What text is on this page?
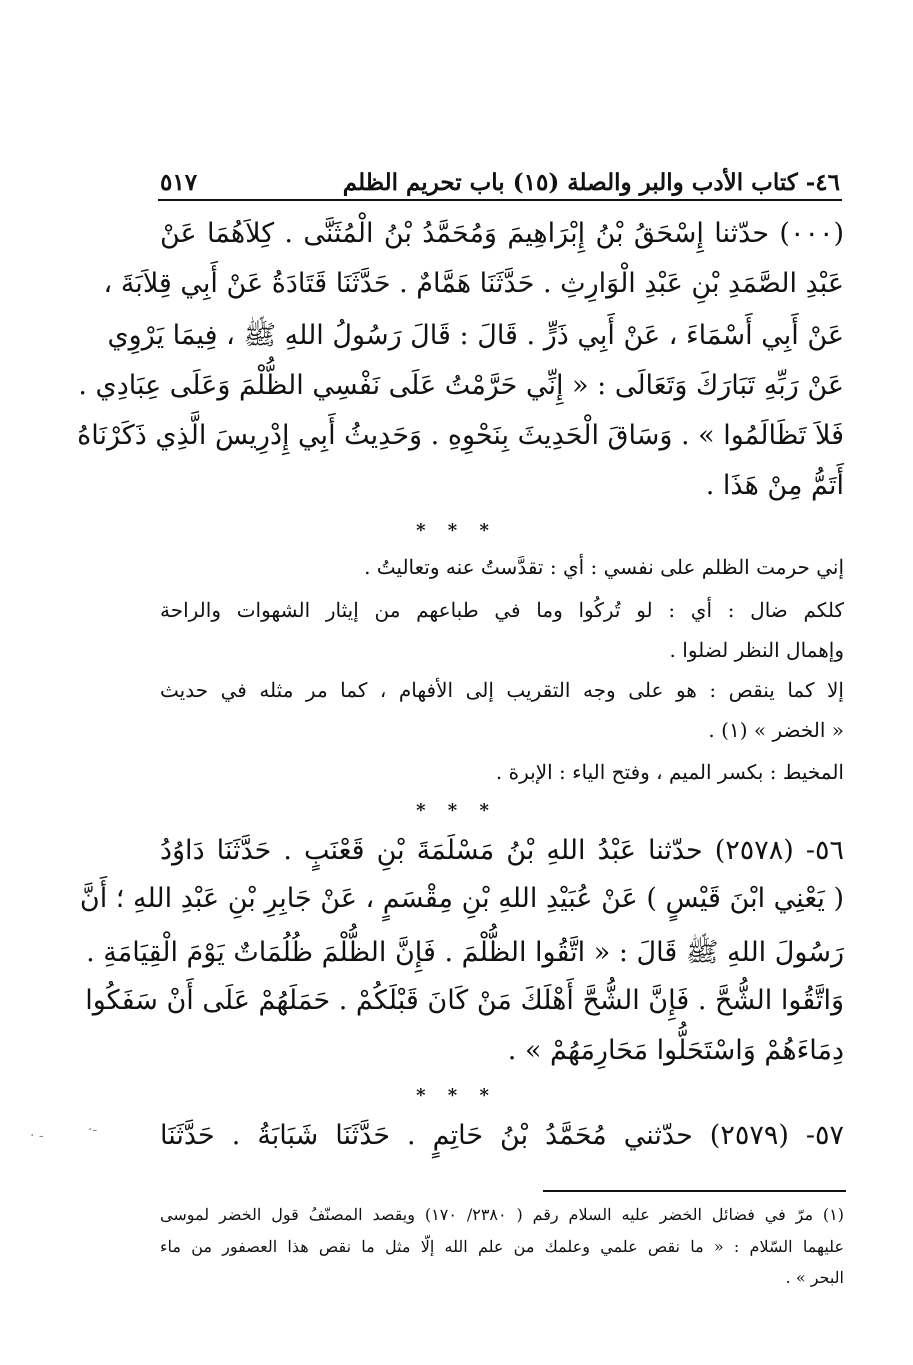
٤٦- كتاب الأدب والبر والصلة (١٥) باب تحريم الظلم
٥١٧
(٠٠٠) حدّثنا إِسْحَقُ بْنُ إِبْرَاهِيمَ وَمُحَمَّدُ بْنُ الْمُثَنَّى . كِلاَهُمَا عَنْ
عَبْدِ الصَّمَدِ بْنِ عَبْدِ الْوَارِثِ . حَدَّثَنَا هَمَّامٌ . حَدَّثَنَا قَتَادَةُ عَنْ أَبِي قِلاَبَةَ ،
عَنْ أَبِي أَسْمَاءَ ، عَنْ أَبِي ذَرٍّ . قَالَ : قَالَ رَسُولُ اللهِ ﷺ ، فِيمَا يَرْوِي
عَنْ رَبِّهِ تَبَارَكَ وَتَعَالَى : « إِنِّي حَرَّمْتُ عَلَى نَفْسِي الظُّلْمَ وَعَلَى عِبَادِي .
فَلاَ تَظَالَمُوا » . وَسَاقَ الْحَدِيثَ بِنَحْوِهِ . وَحَدِيثُ أَبِي إِدْرِيسَ الَّذِي ذَكَرْنَاهُ
أَتَمُّ مِنْ هَذَا .
* * *
إني حرمت الظلم على نفسي : أي : تقدَّستُ عنه وتعاليتُ .
كلكم ضال : أي : لو تُركُوا وما في طباعهم من إيثار الشهوات والراحة
وإهمال النظر لضلوا .
إلا كما ينقص : هو على وجه التقريب إلى الأفهام ، كما مر مثله في حديث
« الخضر » (١) .
المخيط : بكسر الميم ، وفتح الياء : الإبرة .
* * *
٥٦- (٢٥٧٨) حدّثنا عَبْدُ اللهِ بْنُ مَسْلَمَةَ بْنِ قَعْنَبٍ . حَدَّثَنَا دَاوُدُ
( يَعْنِي ابْنَ قَيْسٍ ) عَنْ عُبَيْدِ اللهِ بْنِ مِقْسَمٍ ، عَنْ جَابِرِ بْنِ عَبْدِ اللهِ ؛ أَنَّ
رَسُولَ اللهِ ﷺ قَالَ : « اتَّقُوا الظُّلْمَ . فَإِنَّ الظُّلْمَ ظُلُمَاتٌ يَوْمَ الْقِيَامَةِ .
وَاتَّقُوا الشُّحَّ . فَإِنَّ الشُّحَّ أَهْلَكَ مَنْ كَانَ قَبْلَكُمْ . حَمَلَهُمْ عَلَى أَنْ سَفَكُوا
دِمَاءَهُمْ وَاسْتَحَلُّوا مَحَارِمَهُمْ » .
* * *
٥٧- (٢٥٧٩) حدّثني مُحَمَّدُ بْنُ حَاتِمٍ . حَدَّثَنَا شَبَابَةُ . حَدَّثَنَا
(١) مرّ في فضائل الخضر عليه السلام رقم ( ٢٣٨٠/ ١٧٠) ويقصد المصنّفُ قول الخضر لموسى
عليهما السّلام : « ما نقص علمي وعلمك من علم الله إلّا مثل ما نقص هذا العصفور من ماء
البحر » .
· -	·-
